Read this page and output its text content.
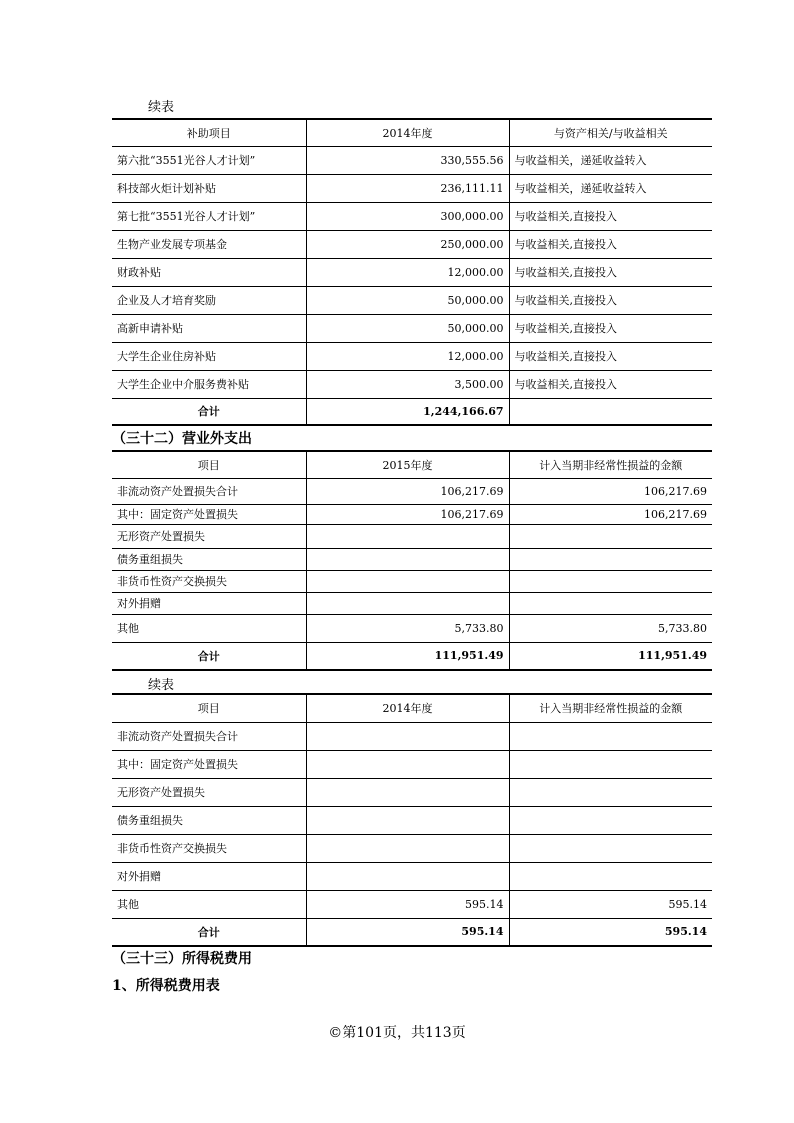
续表
补助项目	2014年度	与资产相关/与收益相关
第六批“3551光谷人才计划”	330,555.56	与收益相关，递延收益转入
科技部火炬计划补贴	236,111.11	与收益相关，递延收益转入
第七批“3551光谷人才计划”	300,000.00	与收益相关,直接投入
生物产业发展专项基金	250,000.00	与收益相关,直接投入
财政补贴	12,000.00	与收益相关,直接投入
企业及人才培育奖励	50,000.00	与收益相关,直接投入
高新申请补贴	50,000.00	与收益相关,直接投入
大学生企业住房补贴	12,000.00	与收益相关,直接投入
大学生企业中介服务费补贴	3,500.00	与收益相关,直接投入
合计	1,244,166.67	
（三十二）营业外支出
项目	2015年度	计入当期非经常性损益的金额
非流动资产处置损失合计	106,217.69	106,217.69
其中：固定资产处置损失	106,217.69	106,217.69
无形资产处置损失		
债务重组损失		
非货币性资产交换损失		
对外捐赠		
其他	5,733.80	5,733.80
合计	111,951.49	111,951.49
续表
项目	2014年度	计入当期非经常性损益的金额
非流动资产处置损失合计		
其中：固定资产处置损失		
无形资产处置损失		
债务重组损失		
非货币性资产交换损失		
对外捐赠		
其他	595.14	595.14
合计	595.14	595.14
（三十三）所得税费用
1、所得税费用表
©第101页，共113页
